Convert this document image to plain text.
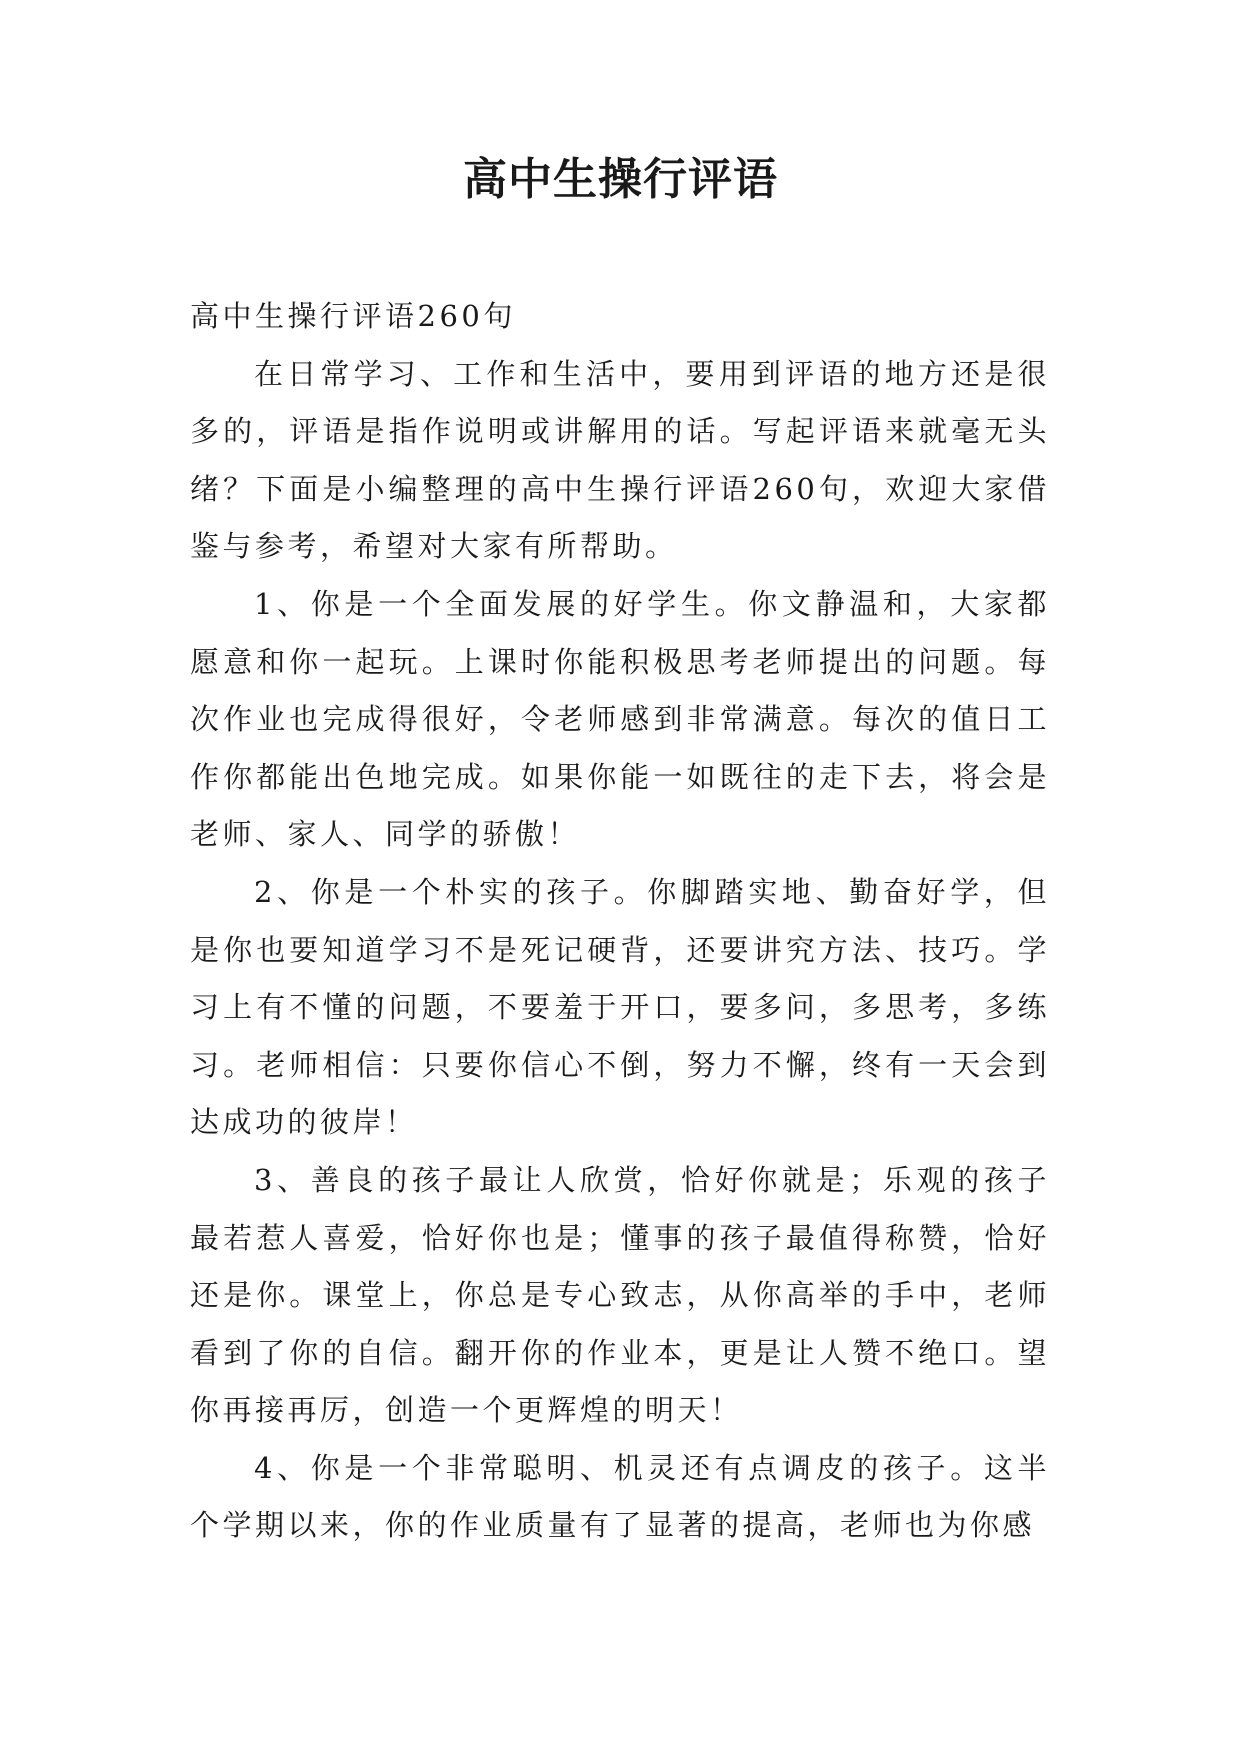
高中生操行评语

高中生操行评语260句

在日常学习、工作和生活中，要用到评语的地方还是很多的，评语是指作说明或讲解用的话。写起评语来就毫无头绪？下面是小编整理的高中生操行评语260句，欢迎大家借鉴与参考，希望对大家有所帮助。

1、你是一个全面发展的好学生。你文静温和，大家都愿意和你一起玩。上课时你能积极思考老师提出的问题。每次作业也完成得很好，令老师感到非常满意。每次的值日工作你都能出色地完成。如果你能一如既往的走下去，将会是老师、家人、同学的骄傲！

2、你是一个朴实的孩子。你脚踏实地、勤奋好学，但是你也要知道学习不是死记硬背，还要讲究方法、技巧。学习上有不懂的问题，不要羞于开口，要多问，多思考，多练习。老师相信：只要你信心不倒，努力不懈，终有一天会到达成功的彼岸！

3、善良的孩子最让人欣赏，恰好你就是；乐观的孩子最若惹人喜爱，恰好你也是；懂事的孩子最值得称赞，恰好还是你。课堂上，你总是专心致志，从你高举的手中，老师看到了你的自信。翻开你的作业本，更是让人赞不绝口。望你再接再厉，创造一个更辉煌的明天！

4、你是一个非常聪明、机灵还有点调皮的孩子。这半个学期以来，你的作业质量有了显著的提高，老师也为你感
